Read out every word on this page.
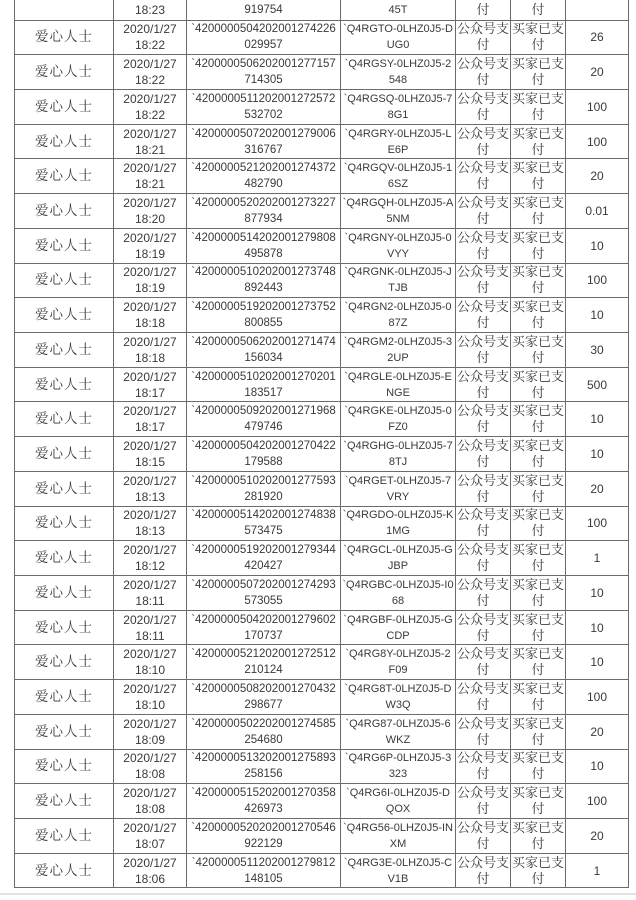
	18:23	919754	45T	付	付	
爱心人士	2020/1/27 18:22	`4200000504202001274226029957	`Q4RGTO-0LHZ0J5-DUG0	公众号支付	买家已支付	26
爱心人士	2020/1/27 18:22	`4200000506202001277157714305	`Q4RGSY-0LHZ0J5-2548	公众号支付	买家已支付	20
爱心人士	2020/1/27 18:22	`4200000511202001272572532702	`Q4RGSQ-0LHZ0J5-78G1	公众号支付	买家已支付	100
爱心人士	2020/1/27 18:21	`4200000507202001279006316767	`Q4RGRY-0LHZ0J5-LE6P	公众号支付	买家已支付	100
爱心人士	2020/1/27 18:21	`4200000521202001274372482790	`Q4RGQV-0LHZ0J5-16SZ	公众号支付	买家已支付	20
爱心人士	2020/1/27 18:20	`4200000520202001273227877934	`Q4RGQH-0LHZ0J5-A5NM	公众号支付	买家已支付	0.01
爱心人士	2020/1/27 18:19	`4200000514202001279808495878	`Q4RGNY-0LHZ0J5-0VYY	公众号支付	买家已支付	10
爱心人士	2020/1/27 18:19	`4200000510202001273748892443	`Q4RGNK-0LHZ0J5-JTJB	公众号支付	买家已支付	100
爱心人士	2020/1/27 18:18	`4200000519202001273752800855	`Q4RGN2-0LHZ0J5-087Z	公众号支付	买家已支付	10
爱心人士	2020/1/27 18:18	`4200000506202001271474156034	`Q4RGM2-0LHZ0J5-32UP	公众号支付	买家已支付	30
爱心人士	2020/1/27 18:17	`4200000510202001270201183517	`Q4RGLE-0LHZ0J5-ENGE	公众号支付	买家已支付	500
爱心人士	2020/1/27 18:17	`4200000509202001271968479746	`Q4RGKE-0LHZ0J5-0FZ0	公众号支付	买家已支付	10
爱心人士	2020/1/27 18:15	`4200000504202001270422179588	`Q4RGHG-0LHZ0J5-78TJ	公众号支付	买家已支付	10
爱心人士	2020/1/27 18:13	`4200000510202001277593281920	`Q4RGET-0LHZ0J5-7VRY	公众号支付	买家已支付	20
爱心人士	2020/1/27 18:13	`4200000514202001274838573475	`Q4RGDO-0LHZ0J5-K1MG	公众号支付	买家已支付	100
爱心人士	2020/1/27 18:12	`4200000519202001279344420427	`Q4RGCL-0LHZ0J5-GJBP	公众号支付	买家已支付	1
爱心人士	2020/1/27 18:11	`4200000507202001274293573055	`Q4RGBC-0LHZ0J5-I068	公众号支付	买家已支付	10
爱心人士	2020/1/27 18:11	`4200000504202001279602170737	`Q4RGBF-0LHZ0J5-GCDP	公众号支付	买家已支付	10
爱心人士	2020/1/27 18:10	`4200000521202001272512210124	`Q4RG8Y-0LHZ0J5-2F09	公众号支付	买家已支付	10
爱心人士	2020/1/27 18:10	`4200000508202001270432298677	`Q4RG8T-0LHZ0J5-DW3Q	公众号支付	买家已支付	100
爱心人士	2020/1/27 18:09	`4200000502202001274585254680	`Q4RG87-0LHZ0J5-6WKZ	公众号支付	买家已支付	20
爱心人士	2020/1/27 18:08	`4200000513202001275893258156	`Q4RG6P-0LHZ0J5-3323	公众号支付	买家已支付	10
爱心人士	2020/1/27 18:08	`4200000515202001270358426973	`Q4RG6I-0LHZ0J5-DQOX	公众号支付	买家已支付	100
爱心人士	2020/1/27 18:07	`4200000520202001270546922129	`Q4RG56-0LHZ0J5-INXM	公众号支付	买家已支付	20
爱心人士	2020/1/27 18:06	`4200000511202001279812148105	`Q4RG3E-0LHZ0J5-CV1B	公众号支付	买家已支付	1
